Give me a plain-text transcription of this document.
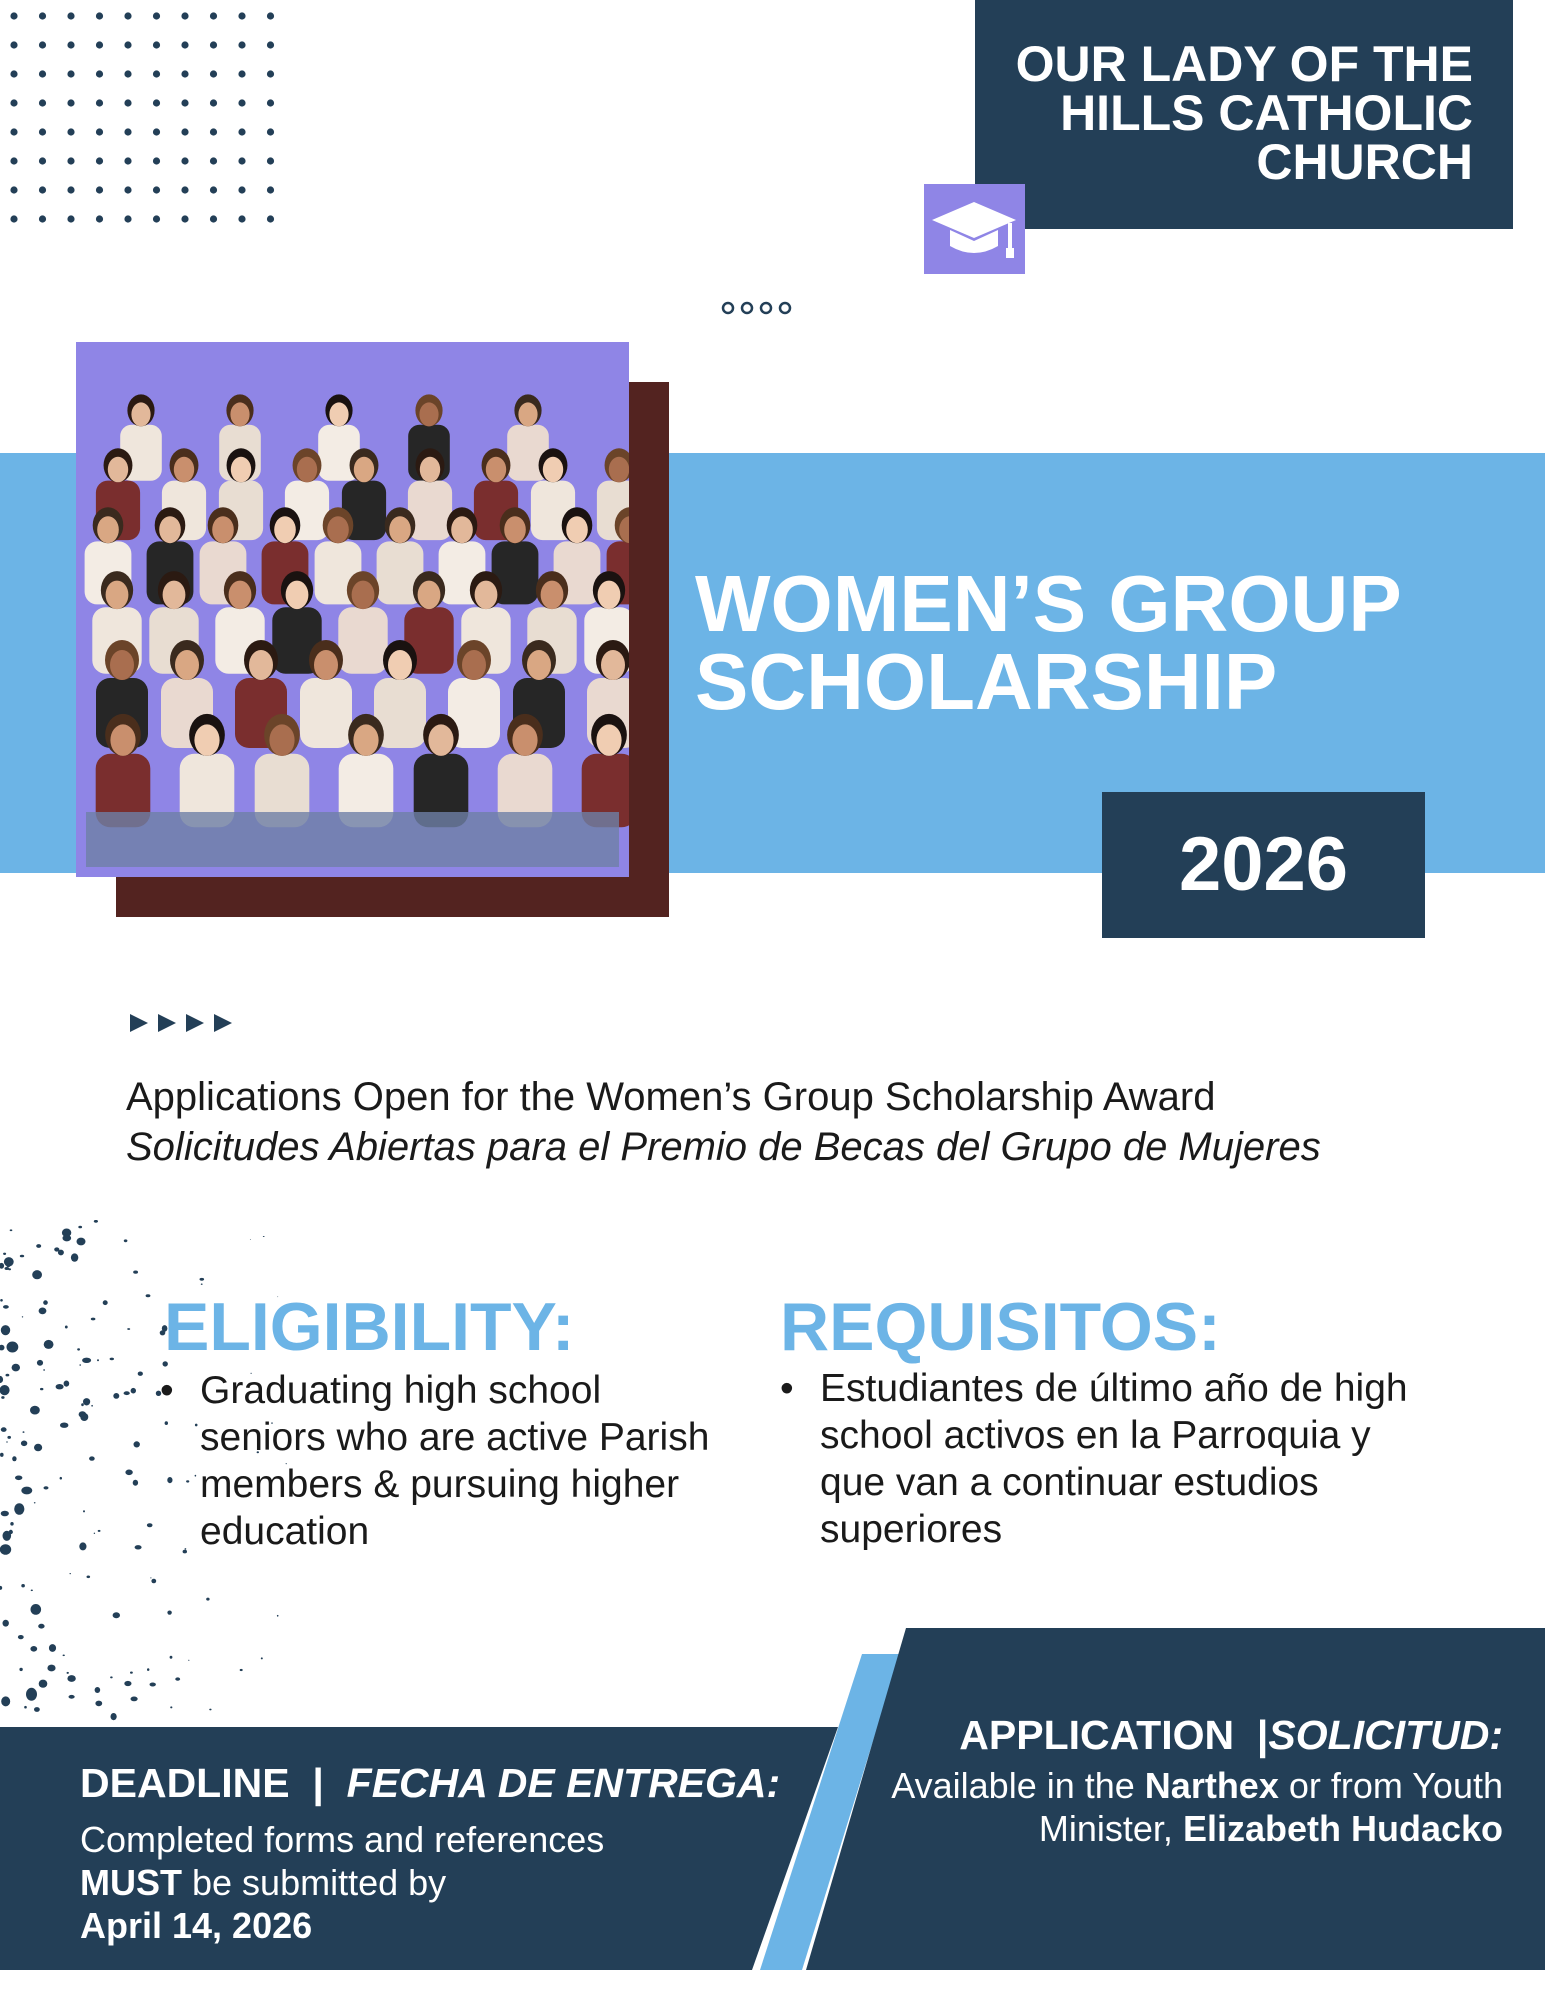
OUR LADY OF THE HILLS CATHOLIC CHURCH
WOMEN’S GROUP SCHOLARSHIP
2026

Applications Open for the Women’s Group Scholarship Award

Solicitudes Abiertas para el Premio de Becas del Grupo de Mujeres

ELIGIBILITY:
• Graduating high school seniors who are active Parish members & pursuing higher education
REQUISITOS:
• Estudiantes de último año de high school activos en la Parroquia y que van a continuar estudios superiores

DEADLINE | FECHA DE ENTREGA:

Completed forms and references
MUST be submitted by
April 14, 2026

APPLICATION |SOLICITUD:

Available in the Narthex or from Youth Minister, Elizabeth Hudacko
